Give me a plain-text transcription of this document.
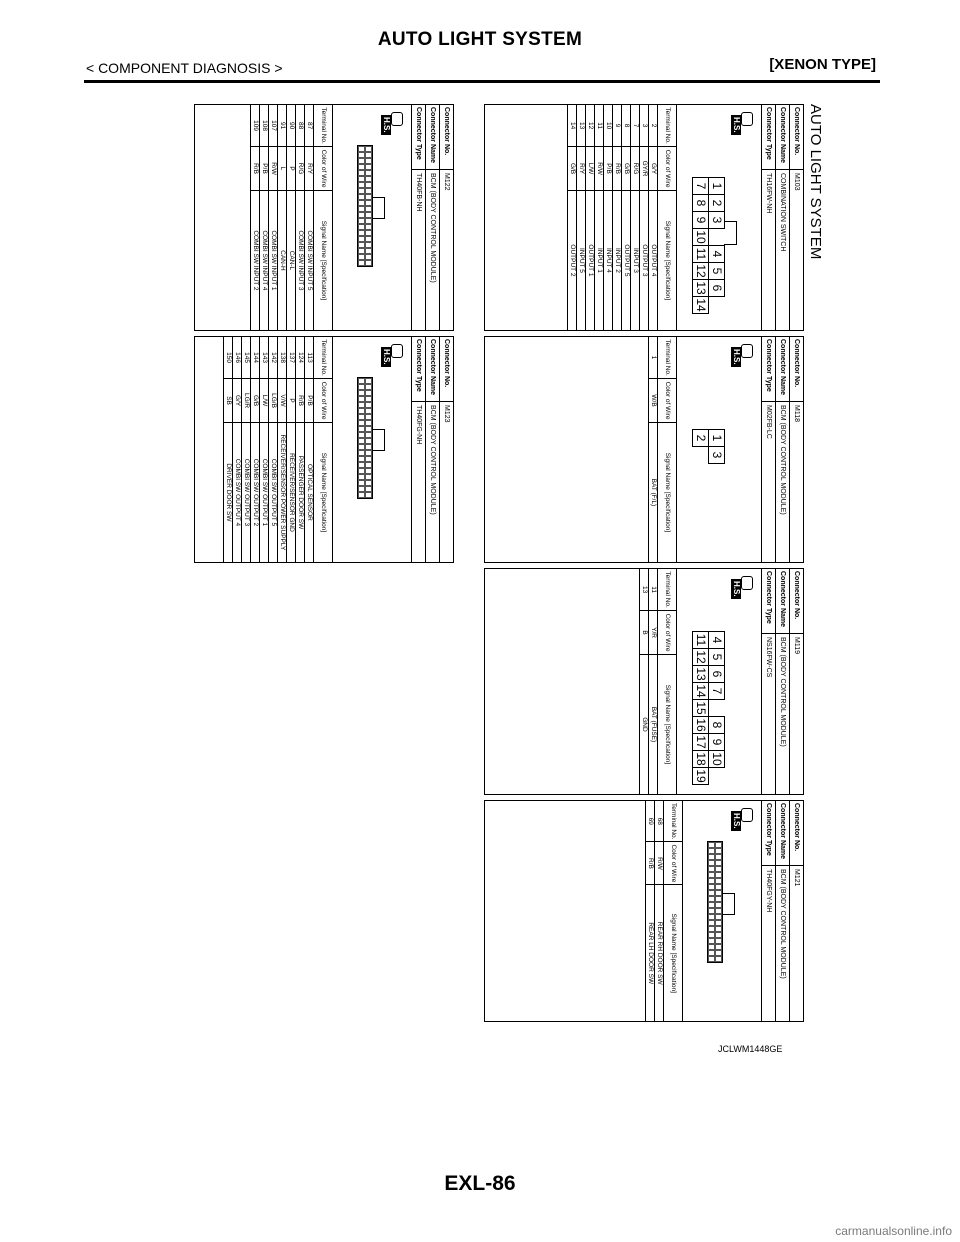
AUTO LIGHT SYSTEM
< COMPONENT DIAGNOSIS >	[XENON TYPE]
AUTO LIGHT SYSTEM
Connector No.
M103
Connector Name
COMBINATION SWITCH
Connector Type
TH16FW-NH
H.S.
1	2	3		4	5	6	
7	8	9	10	11	12	13	14
Terminal No.	Color of Wire	Signal Name [Specification]
2	G/Y	OUTPUT 4
3	GY/R	OUTPUT 3
7	R/G	INPUT 3
8	G/B	OUTPUT 5
9	R/B	INPUT 2
10	P/B	INPUT 4
11	R/W	INPUT 1
12	L/W	OUTPUT 1
13	R/Y	INPUT 5
14	G/B	OUTPUT 2
Connector No.
M118
Connector Name
BCM (BODY CONTROL MODULE)
Connector Type
M02FB-LC
H.S.
1	3
2
Terminal No.	Color of Wire	Signal Name [Specification]
1	W/B	BAT (F/L)
Connector No.
M119
Connector Name
BCM (BODY CONTROL MODULE)
Connector Type
NS16FW-CS
H.S.
4	5	6	7		8	9	10	
11	12	13	14	15	16	17	18	19
Terminal No.	Color of Wire	Signal Name [Specification]
11	Y/R	BAT (FUSE)
13	B	GND
Connector No.
M121
Connector Name
BCM (BODY CONTROL MODULE)
Connector Type
TH40FGY-NH
H.S.
Terminal No.	Color of Wire	Signal Name [Specification]
68	R/W	REAR RH DOOR SW
69	R/B	REAR LH DOOR SW
Connector No.
M122
Connector Name
BCM (BODY CONTROL MODULE)
Connector Type
TH40FB-NH
H.S.
Terminal No.	Color of Wire	Signal Name [Specification]
87	R/Y	COMBI SW INPUT 5
88	R/G	COMBI SW INPUT 3
90	P	CAN-L
91	L	CAN-H
107	R/W	COMBI SW INPUT 1
108	P/B	COMBI SW INPUT 4
109	R/B	COMBI SW INPUT 2
Connector No.
M123
Connector Name
BCM (BODY CONTROL MODULE)
Connector Type
TH40FG-NH
H.S.
Terminal No.	Color of Wire	Signal Name [Specification]
113	P/B	OPTICAL SENSOR
124	R/B	PASSENGER DOOR SW
137	P	RECEIVER/SENSOR GND
138	V/W	RECEIVER/SENSOR POWER SUPPLY
142	LG/B	COMBI SW OUTPUT 5
143	L/W	COMBI SW OUTPUT 1
144	G/B	COMBI SW OUTPUT 2
145	LG/R	COMBI SW OUTPUT 3
146	G/Y	COMBI SW OUTPUT 4
150	SB	DRIVER DOOR SW
JCLWM1448GE
EXL-86
carmanualsonline.info
